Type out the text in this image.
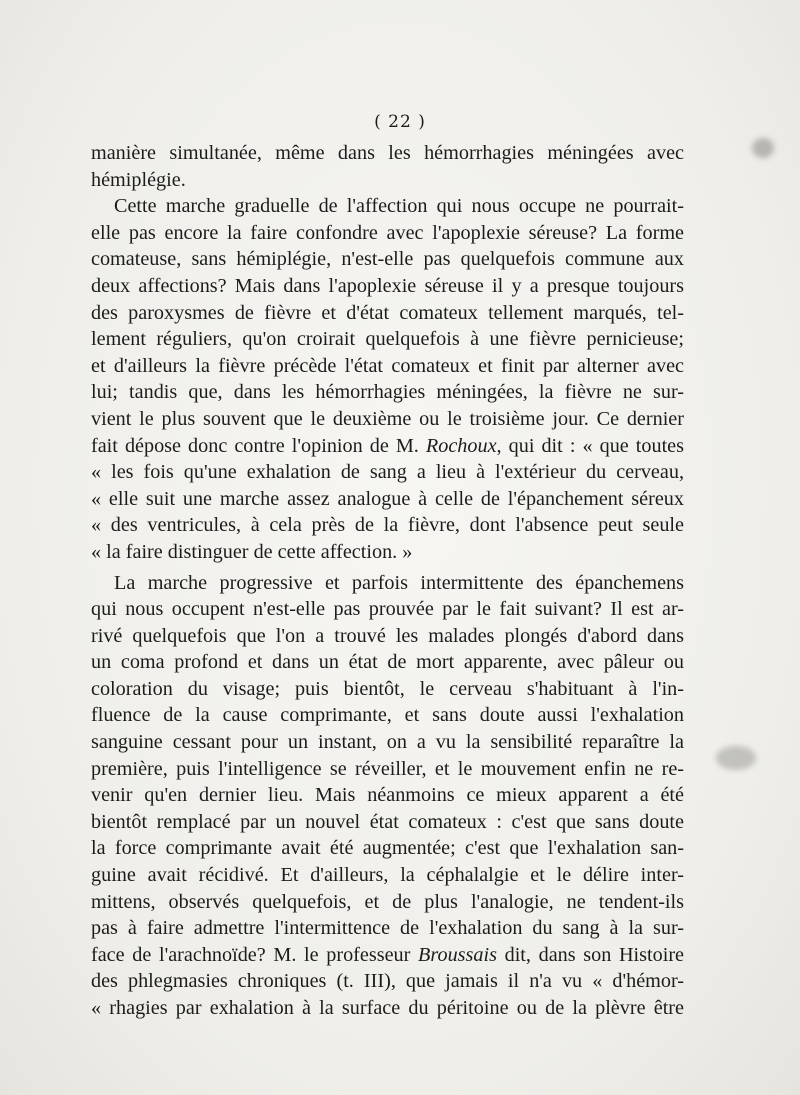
( 22 )
manière simultanée, même dans les hémorrhagies méningées avec
hémiplégie.
Cette marche graduelle de l'affection qui nous occupe ne pourrait-
elle pas encore la faire confondre avec l'apoplexie séreuse? La forme
comateuse, sans hémiplégie, n'est-elle pas quelquefois commune aux
deux affections? Mais dans l'apoplexie séreuse il y a presque toujours
des paroxysmes de fièvre et d'état comateux tellement marqués, tel-
lement réguliers, qu'on croirait quelquefois à une fièvre pernicieuse;
et d'ailleurs la fièvre précède l'état comateux et finit par alterner avec
lui; tandis que, dans les hémorrhagies méningées, la fièvre ne sur-
vient le plus souvent que le deuxième ou le troisième jour. Ce dernier
fait dépose donc contre l'opinion de M. Rochoux, qui dit : « que toutes
« les fois qu'une exhalation de sang a lieu à l'extérieur du cerveau,
« elle suit une marche assez analogue à celle de l'épanchement séreux
« des ventricules, à cela près de la fièvre, dont l'absence peut seule
« la faire distinguer de cette affection. »
La marche progressive et parfois intermittente des épanchemens
qui nous occupent n'est-elle pas prouvée par le fait suivant? Il est ar-
rivé quelquefois que l'on a trouvé les malades plongés d'abord dans
un coma profond et dans un état de mort apparente, avec pâleur ou
coloration du visage; puis bientôt, le cerveau s'habituant à l'in-
fluence de la cause comprimante, et sans doute aussi l'exhalation
sanguine cessant pour un instant, on a vu la sensibilité reparaître la
première, puis l'intelligence se réveiller, et le mouvement enfin ne re-
venir qu'en dernier lieu. Mais néanmoins ce mieux apparent a été
bientôt remplacé par un nouvel état comateux : c'est que sans doute
la force comprimante avait été augmentée; c'est que l'exhalation san-
guine avait récidivé. Et d'ailleurs, la céphalalgie et le délire inter-
mittens, observés quelquefois, et de plus l'analogie, ne tendent-ils
pas à faire admettre l'intermittence de l'exhalation du sang à la sur-
face de l'arachnoïde? M. le professeur Broussais dit, dans son Histoire
des phlegmasies chroniques (t. III), que jamais il n'a vu « d'hémor-
« rhagies par exhalation à la surface du péritoine ou de la plèvre être
